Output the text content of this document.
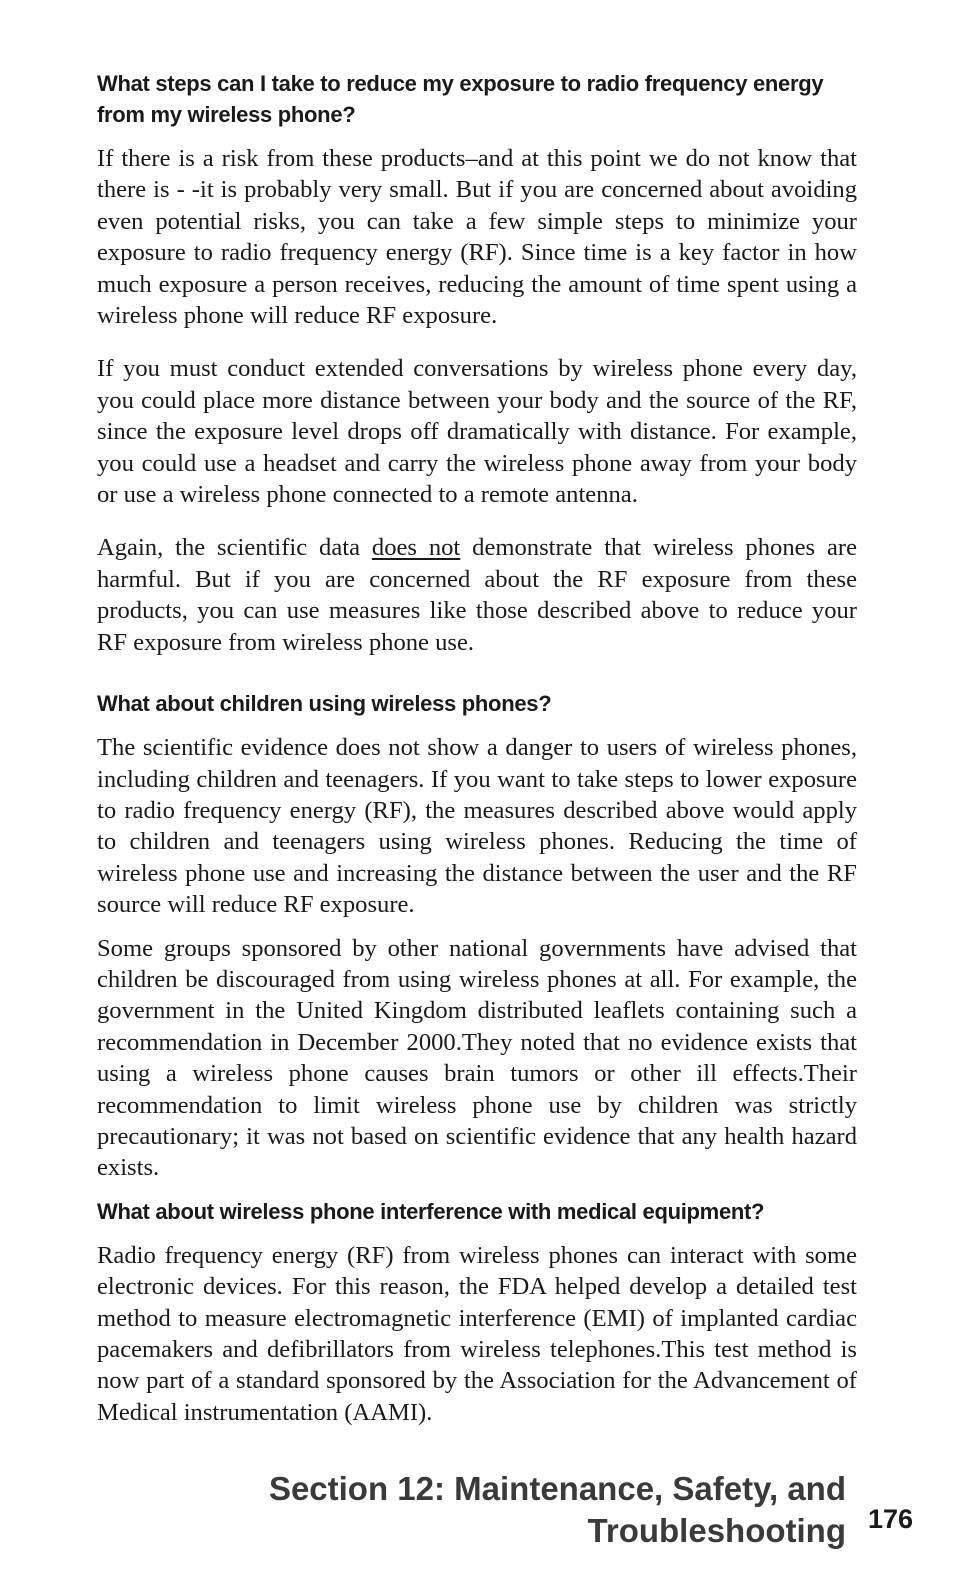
What steps can I take to reduce my exposure to radio frequency energy from my wireless phone?

If there is a risk from these products–and at this point we do not know that there is - -it is probably very small. But if you are concerned about avoiding even potential risks, you can take a few simple steps to minimize your exposure to radio frequency energy (RF). Since time is a key factor in how much exposure a person receives, reducing the amount of time spent using a wireless phone will reduce RF exposure.

If you must conduct extended conversations by wireless phone every day, you could place more distance between your body and the source of the RF, since the exposure level drops off dramatically with distance. For example, you could use a headset and carry the wireless phone away from your body or use a wireless phone connected to a remote antenna.

Again, the scientific data does not demonstrate that wireless phones are harmful. But if you are concerned about the RF exposure from these products, you can use measures like those described above to reduce your RF exposure from wireless phone use.

What about children using wireless phones?

The scientific evidence does not show a danger to users of wireless phones, including children and teenagers. If you want to take steps to lower exposure to radio frequency energy (RF), the measures described above would apply to children and teenagers using wireless phones. Reducing the time of wireless phone use and increasing the distance between the user and the RF source will reduce RF exposure.

Some groups sponsored by other national governments have advised that children be discouraged from using wireless phones at all. For example, the government in the United Kingdom distributed leaflets containing such a recommendation in December 2000.They noted that no evidence exists that using a wireless phone causes brain tumors or other ill effects.Their recommendation to limit wireless phone use by children was strictly precautionary; it was not based on scientific evidence that any health hazard exists.

What about wireless phone interference with medical equipment?

Radio frequency energy (RF) from wireless phones can interact with some electronic devices. For this reason, the FDA helped develop a detailed test method to measure electromagnetic interference (EMI) of implanted cardiac pacemakers and defibrillators from wireless telephones.This test method is now part of a standard sponsored by the Association for the Advancement of Medical instrumentation (AAMI).

Section 12: Maintenance, Safety, and
Troubleshooting 176
